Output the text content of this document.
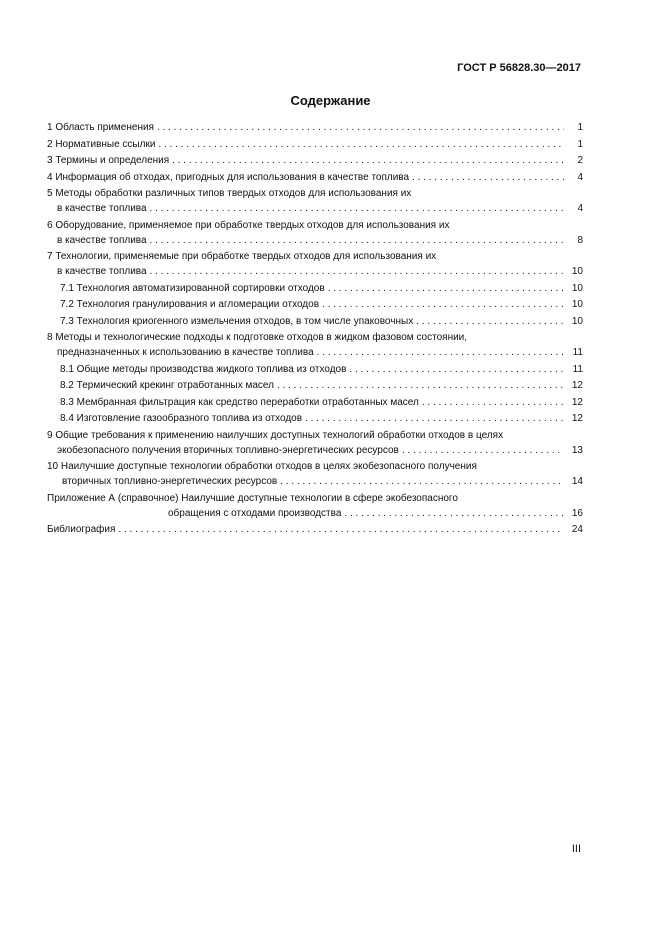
ГОСТ Р 56828.30—2017
Содержание
1 Область применения . . .	1
2 Нормативные ссылки . . .	1
3 Термины и определения . . .	2
4 Информация об отходах, пригодных для использования в качестве топлива . . .	4
5 Методы обработки различных типов твердых отходов для использования их
в качестве топлива . . .	4
6 Оборудование, применяемое при обработке твердых отходов для использования их
в качестве топлива . . .	8
7 Технологии, применяемые при обработке твердых отходов для использования их
в качестве топлива . . .	10
7.1 Технология автоматизированной сортировки отходов . . .	10
7.2 Технология гранулирования и агломерации отходов . . .	10
7.3 Технология криогенного измельчения отходов, в том числе упаковочных . . .	10
8 Методы и технологические подходы к подготовке отходов в жидком фазовом состоянии,
предназначенных к использованию в качестве топлива . . .	11
8.1 Общие методы производства жидкого топлива из отходов . . .	11
8.2 Термический крекинг отработанных масел . . .	12
8.3 Мембранная фильтрация как средство переработки отработанных масел . . .	12
8.4 Изготовление газообразного топлива из отходов . . .	12
9 Общие требования к применению наилучших доступных технологий обработки отходов в целях
экобезопасного получения вторичных топливно-энергетических ресурсов . . .	13
10 Наилучшие доступные технологии обработки отходов в целях экобезопасного получения
вторичных топливно-энергетических ресурсов . . .	14
Приложение А (справочное) Наилучшие доступные технологии в сфере экобезопасного
обращения с отходами производства . . .	16
Библиография . . .	24
III
